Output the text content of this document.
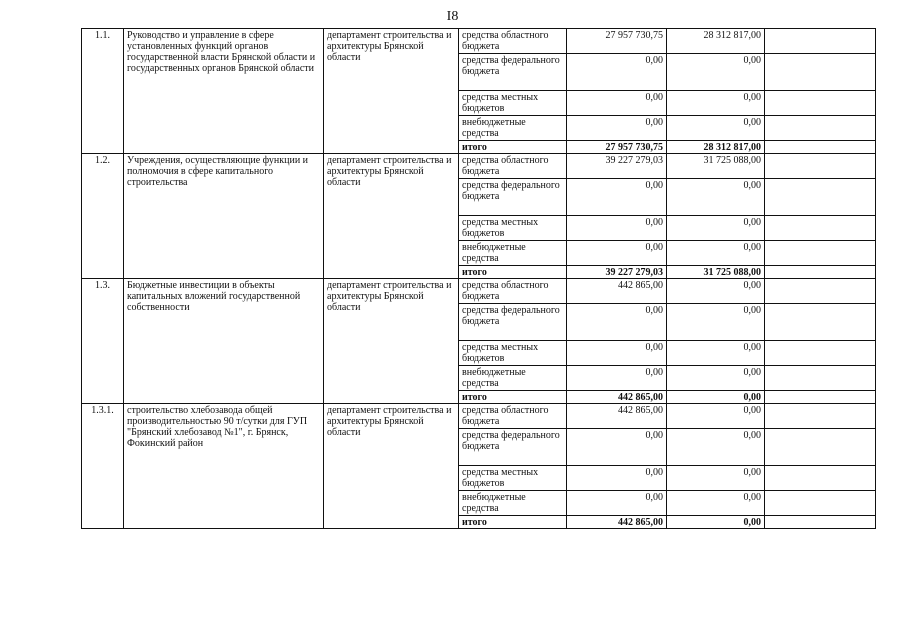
I8
1.1.	Руководство и управление в сфере установленных функций органов государственной власти Брянской области и государственных органов Брянской области	департамент строительства и архитектуры Брянской области	средства областного бюджета	27 957 730,75	28 312 817,00	
			средства федерального бюджета	0,00	0,00	
			средства местных бюджетов	0,00	0,00	
			внебюджетные средства	0,00	0,00	
			итого	27 957 730,75	28 312 817,00	
1.2.	Учреждения, осуществляющие функции и полномочия в сфере капитального строительства	департамент строительства и архитектуры Брянской области	средства областного бюджета	39 227 279,03	31 725 088,00	
			средства федерального бюджета	0,00	0,00	
			средства местных бюджетов	0,00	0,00	
			внебюджетные средства	0,00	0,00	
			итого	39 227 279,03	31 725 088,00	
1.3.	Бюджетные инвестиции в объекты капитальных вложений государственной собственности	департамент строительства и архитектуры Брянской области	средства областного бюджета	442 865,00	0,00	
			средства федерального бюджета	0,00	0,00	
			средства местных бюджетов	0,00	0,00	
			внебюджетные средства	0,00	0,00	
			итого	442 865,00	0,00	
1.3.1.	строительство хлебозавода общей производительностью 90 т/сутки для ГУП "Брянский хлебозавод №1", г. Брянск, Фокинский район	департамент строительства и архитектуры Брянской области	средства областного бюджета	442 865,00	0,00	
			средства федерального бюджета	0,00	0,00	
			средства местных бюджетов	0,00	0,00	
			внебюджетные средства	0,00	0,00	
			итого	442 865,00	0,00	
